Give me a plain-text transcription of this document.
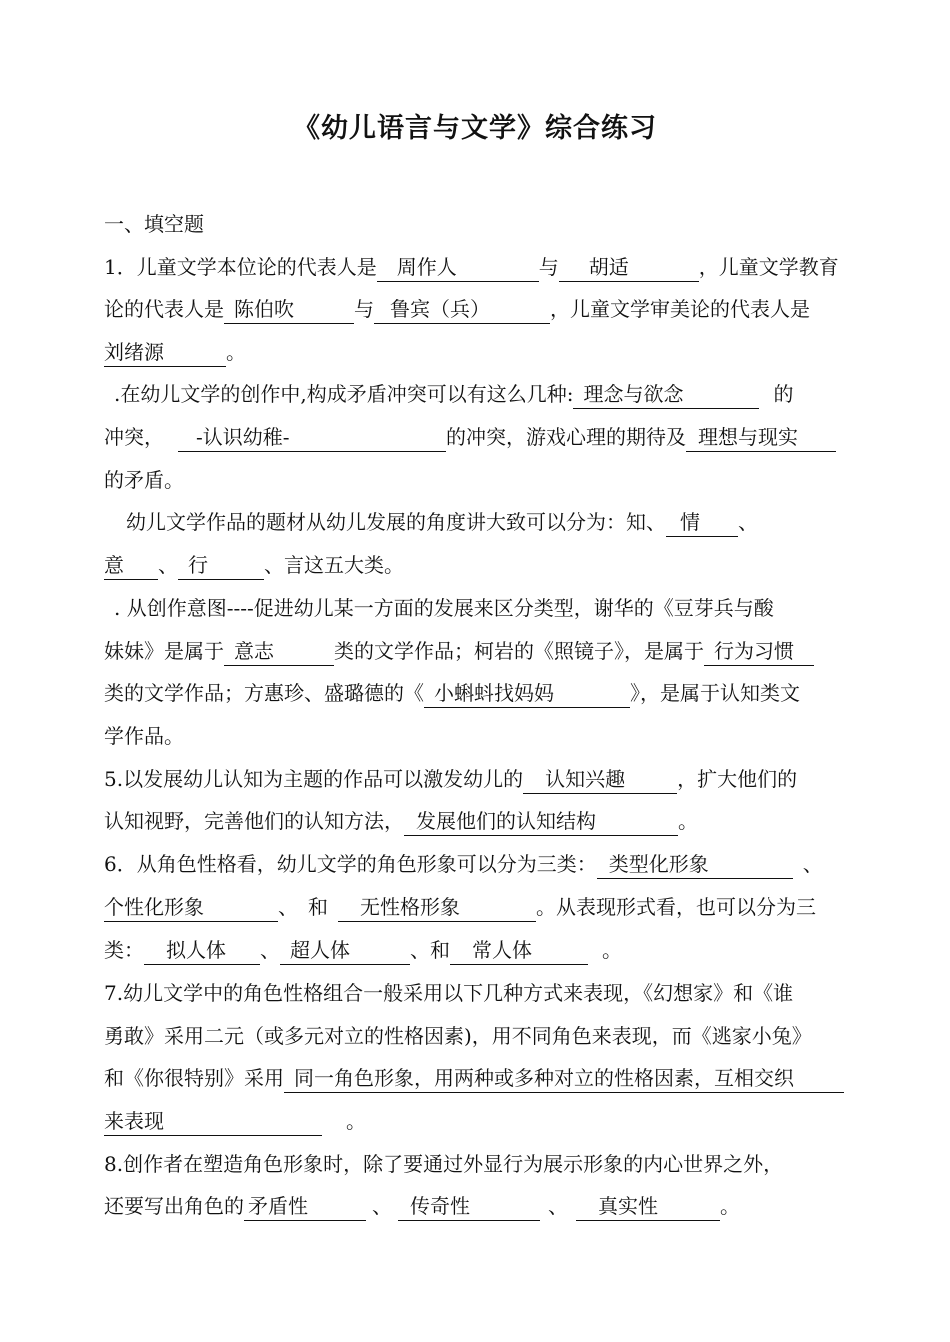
《幼儿语言与文学》综合练习
一、填空题
1．儿童文学本位论的代表人是 周作人	与 胡适	，儿童文学教育
论的代表人是 陈伯吹	与 鲁宾（兵）	，儿童文学审美论的代表人是
刘绪源	。
.在幼儿文学的创作中,构成矛盾冲突可以有这么几种: 理念与欲念	的
冲突， -认识幼稚-	的冲突，游戏心理的期待及 理想与现实
的矛盾。
幼儿文学作品的题材从幼儿发展的角度讲大致可以分为：知、 情 、
意 、 行	、言这五大类。
. 从创作意图----促进幼儿某一方面的发展来区分类型，谢华的《豆芽兵与酸
妹妹》是属于 意志	类的文学作品；柯岩的《照镜子》，是属于 行为习惯
类的文学作品；方惠珍、盛璐德的《 小蝌蚪找妈妈	》，是属于认知类文
学作品。
5.以发展幼儿认知为主题的作品可以激发幼儿的 认知兴趣	，扩大他们的
认知视野，完善他们的认知方法， 发展他们的认知结构	。
6．从角色性格看，幼儿文学的角色形象可以分为三类： 类型化形象	、
个性化形象	、 和 无性格形象	。从表现形式看，也可以分为三
类： 拟人体 、 超人体	、和 常人体	。
7.幼儿文学中的角色性格组合一般采用以下几种方式来表现，《幻想家》和《谁
勇敢》采用二元（或多元对立的性格因素)，用不同角色来表现，而《逃家小兔》
和《你很特别》采用 同一角色形象，用两种或多种对立的性格因素，互相交织
来表现	。
8.创作者在塑造角色形象时，除了要通过外显行为展示形象的内心世界之外，
还要写出角色的 矛盾性	、 传奇性	、 真实性	。
